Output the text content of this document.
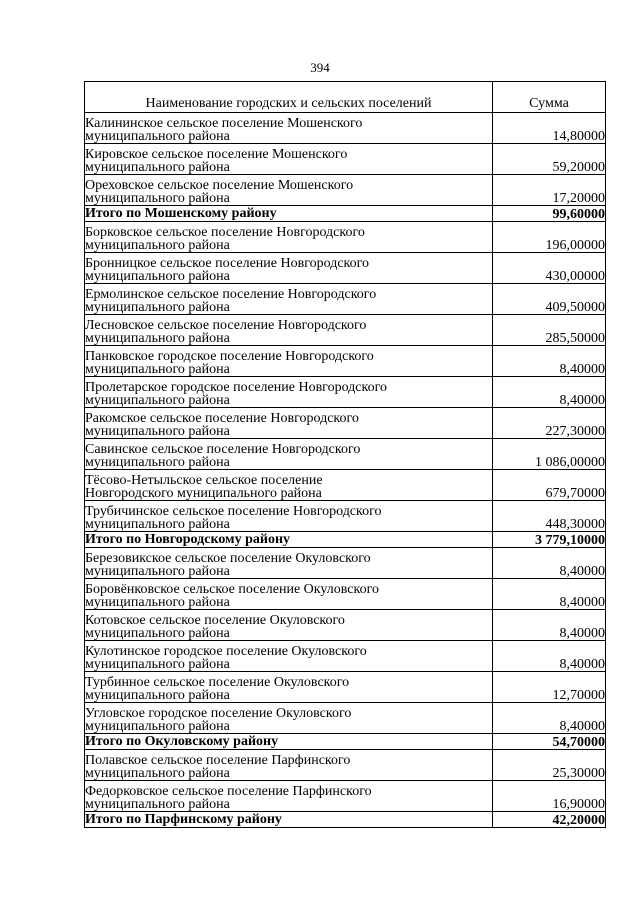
394
Наименование городских и сельских поселений	Сумма

Калининское сельское поселение Мошенского
муниципального района	14,80000

Кировское сельское поселение Мошенского
муниципального района	59,20000

Ореховское сельское поселение Мошенского
муниципального района	17,20000

Итого по Мошенскому району	99,60000

Борковское сельское поселение Новгородского
муниципального района	196,00000

Бронницкое сельское поселение Новгородского
муниципального района	430,00000

Ермолинское сельское поселение Новгородского
муниципального района	409,50000

Лесновское сельское поселение Новгородского
муниципального района	285,50000

Панковское городское поселение Новгородского
муниципального района	8,40000

Пролетарское городское поселение Новгородского
муниципального района	8,40000

Ракомское сельское поселение Новгородского
муниципального района	227,30000

Савинское сельское поселение Новгородского
муниципального района	1 086,00000

Тёсово-Нетыльское сельское поселение
Новгородского муниципального района	679,70000

Трубичинское сельское поселение Новгородского
муниципального района	448,30000

Итого по Новгородскому району	3 779,10000

Березовикское сельское поселение Окуловского
муниципального района	8,40000

Боровёнковское сельское поселение Окуловского
муниципального района	8,40000

Котовское сельское поселение Окуловского
муниципального района	8,40000

Кулотинское городское поселение Окуловского
муниципального района	8,40000

Турбинное сельское поселение Окуловского
муниципального района	12,70000

Угловское городское поселение Окуловского
муниципального района	8,40000

Итого по Окуловскому району	54,70000

Полавское сельское поселение Парфинского
муниципального района	25,30000

Федорковское сельское поселение Парфинского
муниципального района	16,90000

Итого по Парфинскому району	42,20000
